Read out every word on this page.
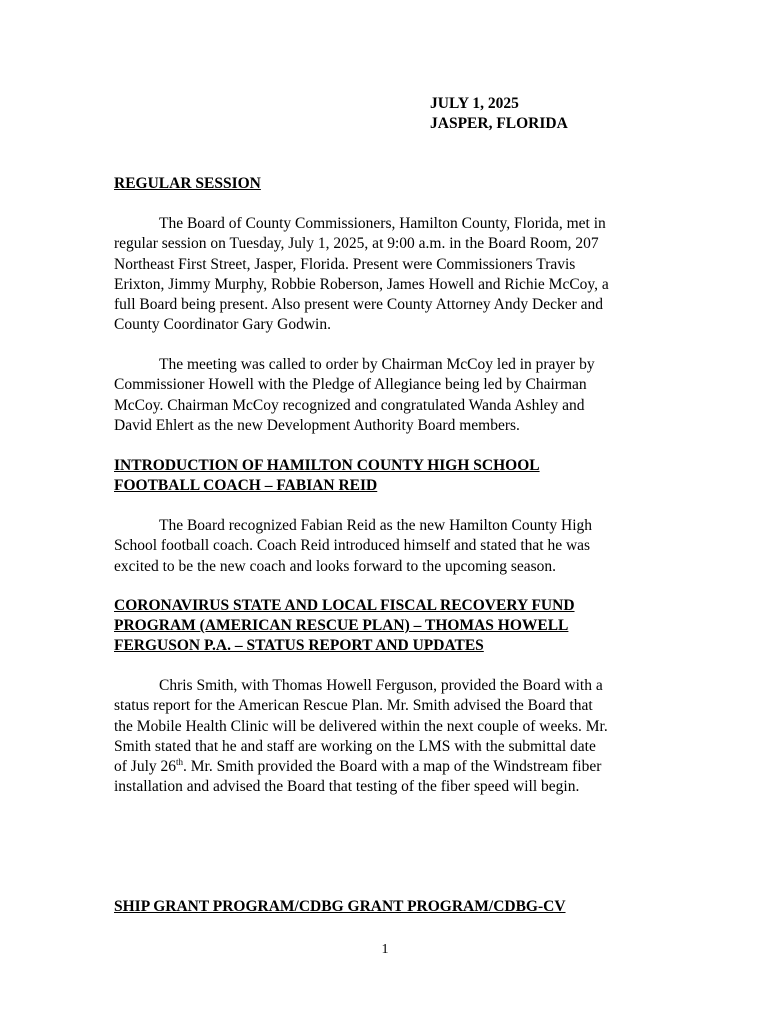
JULY 1, 2025
JASPER, FLORIDA
REGULAR SESSION

The Board of County Commissioners, Hamilton County, Florida, met in
regular session on Tuesday, July 1, 2025, at 9:00 a.m. in the Board Room, 207
Northeast First Street, Jasper, Florida. Present were Commissioners Travis
Erixton, Jimmy Murphy, Robbie Roberson, James Howell and Richie McCoy, a
full Board being present. Also present were County Attorney Andy Decker and
County Coordinator Gary Godwin.

The meeting was called to order by Chairman McCoy led in prayer by
Commissioner Howell with the Pledge of Allegiance being led by Chairman
McCoy. Chairman McCoy recognized and congratulated Wanda Ashley and
David Ehlert as the new Development Authority Board members.

INTRODUCTION OF HAMILTON COUNTY HIGH SCHOOL
FOOTBALL COACH – FABIAN REID

The Board recognized Fabian Reid as the new Hamilton County High
School football coach. Coach Reid introduced himself and stated that he was
excited to be the new coach and looks forward to the upcoming season.

CORONAVIRUS STATE AND LOCAL FISCAL RECOVERY FUND
PROGRAM (AMERICAN RESCUE PLAN) – THOMAS HOWELL
FERGUSON P.A. – STATUS REPORT AND UPDATES

Chris Smith, with Thomas Howell Ferguson, provided the Board with a
status report for the American Rescue Plan. Mr. Smith advised the Board that
the Mobile Health Clinic will be delivered within the next couple of weeks. Mr.
Smith stated that he and staff are working on the LMS with the submittal date
of July 26th. Mr. Smith provided the Board with a map of the Windstream fiber
installation and advised the Board that testing of the fiber speed will begin.

SHIP GRANT PROGRAM/CDBG GRANT PROGRAM/CDBG-CV
1
